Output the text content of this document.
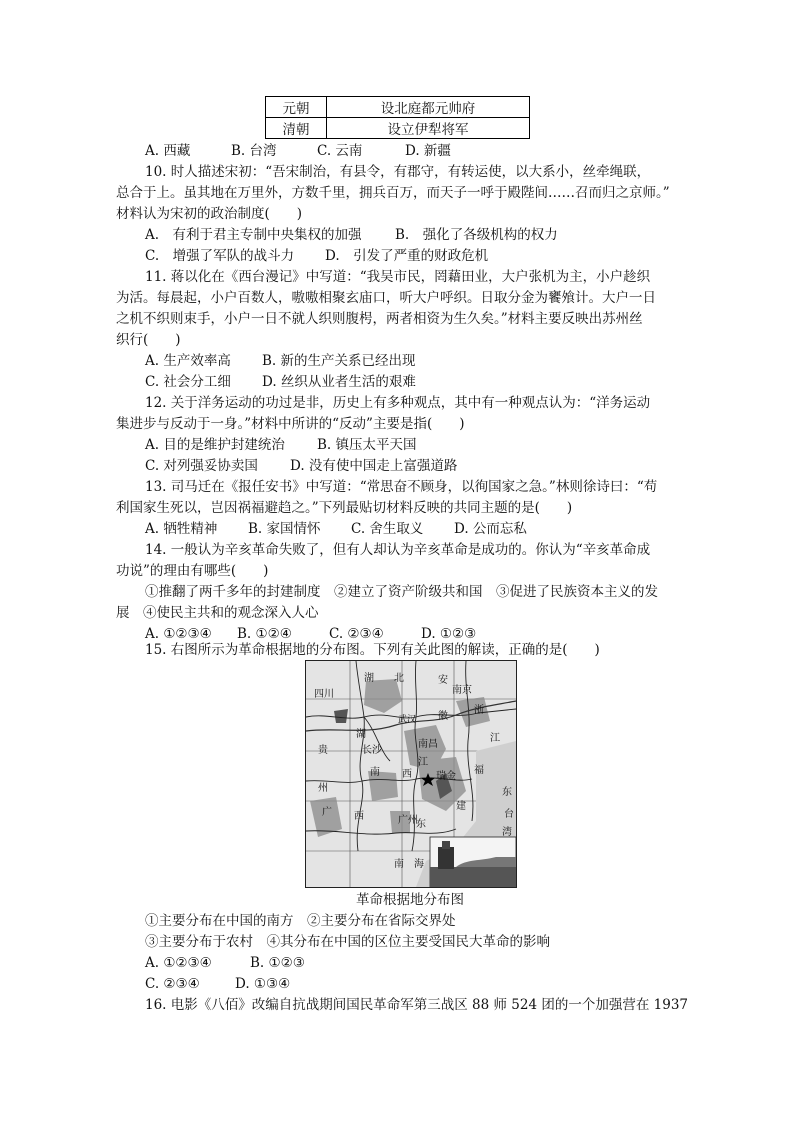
元朝	设北庭都元帅府
清朝	设立伊犁将军
A. 西藏	B. 台湾	C. 云南	D. 新疆
10. 时人描述宋初：“吾宋制治，有县令，有郡守，有转运使，以大系小，丝牵绳联，
总合于上。虽其地在万里外，方数千里，拥兵百万，而天子一呼于殿陛间……召而归之京师。”
材料认为宋初的政治制度(　　)
A.　有利于君主专制中央集权的加强 B.　强化了各级机构的权力
C.　增强了军队的战斗力 D.　引发了严重的财政危机
11. 蒋以化在《西台漫记》中写道：“我吴市民，罔藉田业，大户张机为主，小户趁织
为活。每晨起，小户百数人，嗷嗷相聚玄庙口，听大户呼织。日取分金为饔飧计。大户一日
之机不织则束手，小户一日不就人织则腹枵，两者相资为生久矣。”材料主要反映出苏州丝
织行(　　)
A. 生产效率高 B. 新的生产关系已经出现
C. 社会分工细 D. 丝织从业者生活的艰难
12. 关于洋务运动的功过是非，历史上有多种观点，其中有一种观点认为：“洋务运动
集进步与反动于一身。”材料中所讲的“反动”主要是指(　　)
A. 目的是维护封建统治 B. 镇压太平天国
C. 对列强妥协卖国 D. 没有使中国走上富强道路
13. 司马迁在《报任安书》中写道：“常思奋不顾身，以徇国家之急。”林则徐诗曰：“苟
利国家生死以，岂因祸福避趋之。”下列最贴切材料反映的共同主题的是(　　)
A. 牺牲精神 B. 家国情怀 C. 舍生取义 D. 公而忘私
14. 一般认为辛亥革命失败了，但有人却认为辛亥革命是成功的。你认为“辛亥革命成
功说”的理由有哪些(　　)
①推翻了两千多年的封建制度　②建立了资产阶级共和国　③促进了民族资本主义的发
展　④使民主共和的观念深入人心
A. ①②③④ B. ①②④	C. ②③④	D. ①②③
15. 右图所示为革命根据地的分布图。下列有关此图的解读，正确的是(　　)
四川
湖 北	安
南京
徽
武汉
浙
江
湖
长沙
南昌
贵
南
江
西	福
东
瑞金
州
台
广 西	广州
东
建
湾
南 海
革命根据地分布图
①主要分布在中国的南方　②主要分布在省际交界处
③主要分布于农村　④其分布在中国的区位主要受国民大革命的影响
A. ①②③④	B. ①②③
C. ②③④	D. ①③④
16. 电影《八佰》改编自抗战期间国民革命军第三战区 88 师 524 团的一个加强营在 1937
